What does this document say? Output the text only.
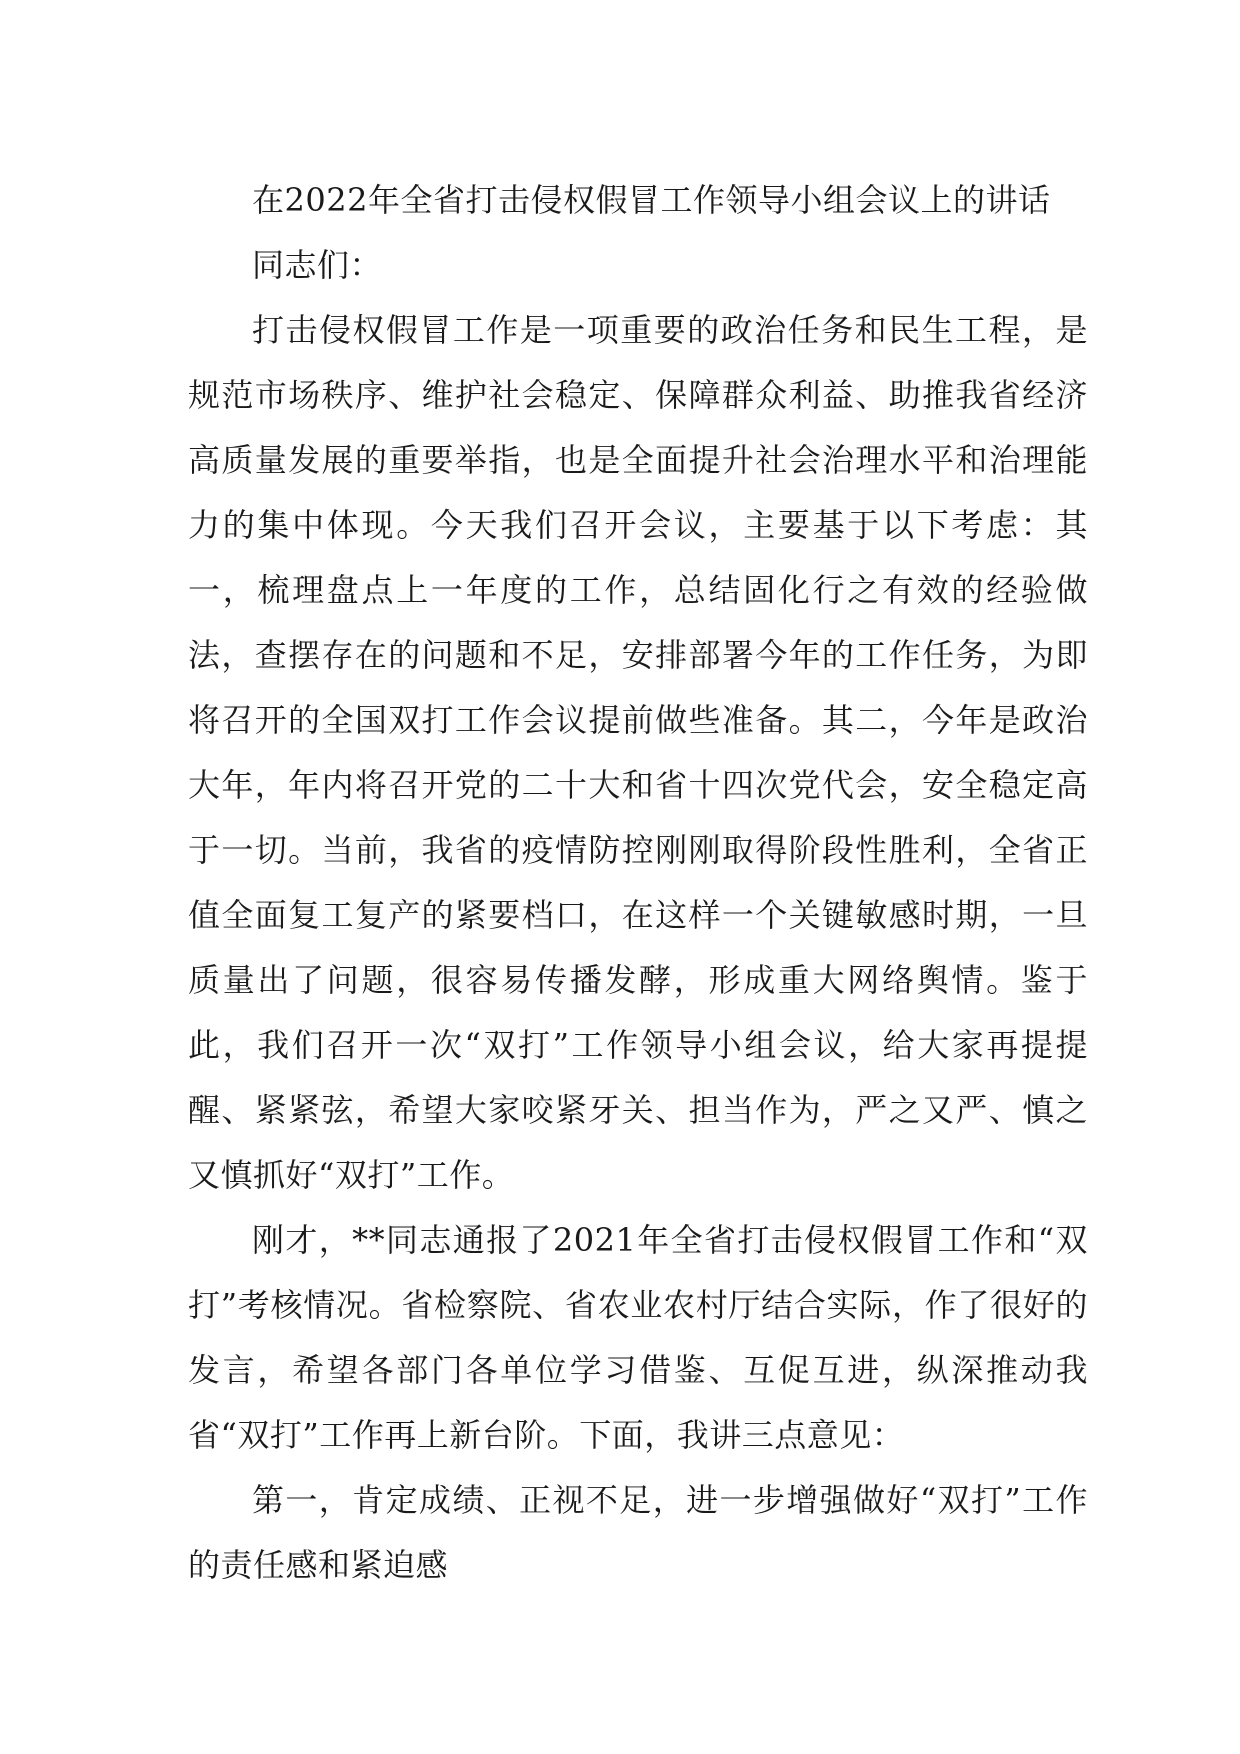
在2022年全省打击侵权假冒工作领导小组会议上的讲话

同志们：

打击侵权假冒工作是一项重要的政治任务和民生工程，是规范市场秩序、维护社会稳定、保障群众利益、助推我省经济高质量发展的重要举指，也是全面提升社会治理水平和治理能力的集中体现。今天我们召开会议，主要基于以下考虑：其一，梳理盘点上一年度的工作，总结固化行之有效的经验做法，查摆存在的问题和不足，安排部署今年的工作任务，为即将召开的全国双打工作会议提前做些准备。其二，今年是政治大年，年内将召开党的二十大和省十四次党代会，安全稳定高于一切。当前，我省的疫情防控刚刚取得阶段性胜利，全省正值全面复工复产的紧要档口，在这样一个关键敏感时期，一旦质量出了问题，很容易传播发酵，形成重大网络舆情。鉴于此，我们召开一次“双打”工作领导小组会议，给大家再提提醒、紧紧弦，希望大家咬紧牙关、担当作为，严之又严、慎之又慎抓好“双打”工作。

刚才，**同志通报了2021年全省打击侵权假冒工作和“双打”考核情况。省检察院、省农业农村厅结合实际，作了很好的发言，希望各部门各单位学习借鉴、互促互进，纵深推动我省“双打”工作再上新台阶。下面，我讲三点意见：

第一，肯定成绩、正视不足，进一步增强做好“双打”工作的责任感和紧迫感
